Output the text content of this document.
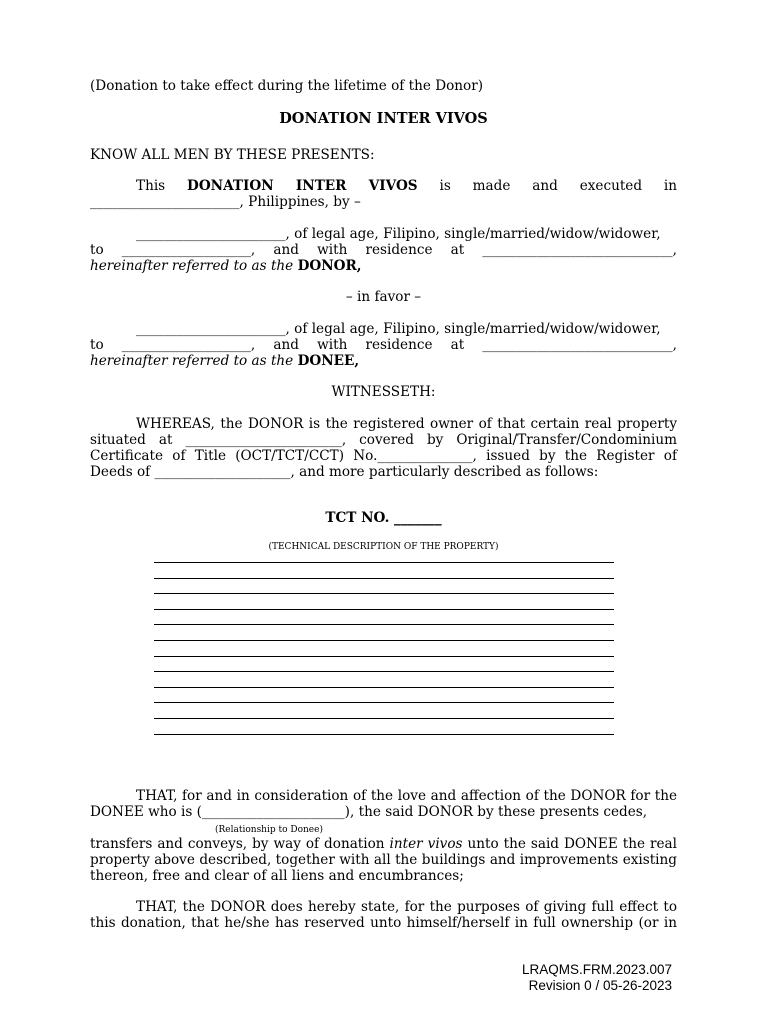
(Donation to take effect during the lifetime of the Donor)
DONATION INTER VIVOS
KNOW ALL MEN BY THESE PRESENTS:
This DONATION INTER VIVOS is made and executed in
______________________, Philippines, by –
______________________, of legal age, Filipino, single/married/widow/widower,
to ___________________, and with residence at ____________________________,
hereinafter referred to as the DONOR,
– in favor –
______________________, of legal age, Filipino, single/married/widow/widower,
to ___________________, and with residence at ____________________________,
hereinafter referred to as the DONEE,
WITNESSETH:
WHEREAS, the DONOR is the registered owner of that certain real property
situated at _______________________, covered by Original/Transfer/Condominium
Certificate of Title (OCT/TCT/CCT) No.______________, issued by the Register of
Deeds of ____________________, and more particularly described as follows:
TCT NO. _______
(TECHNICAL DESCRIPTION OF THE PROPERTY)
THAT, for and in consideration of the love and affection of the DONOR for the
DONEE who is (_____________________), the said DONOR by these presents cedes,
(Relationship to Donee)
transfers and conveys, by way of donation inter vivos unto the said DONEE the real
property above described, together with all the buildings and improvements existing
thereon, free and clear of all liens and encumbrances;
THAT, the DONOR does hereby state, for the purposes of giving full effect to
this donation, that he/she has reserved unto himself/herself in full ownership (or in
LRAQMS.FRM.2023.007
Revision 0 / 05-26-2023
